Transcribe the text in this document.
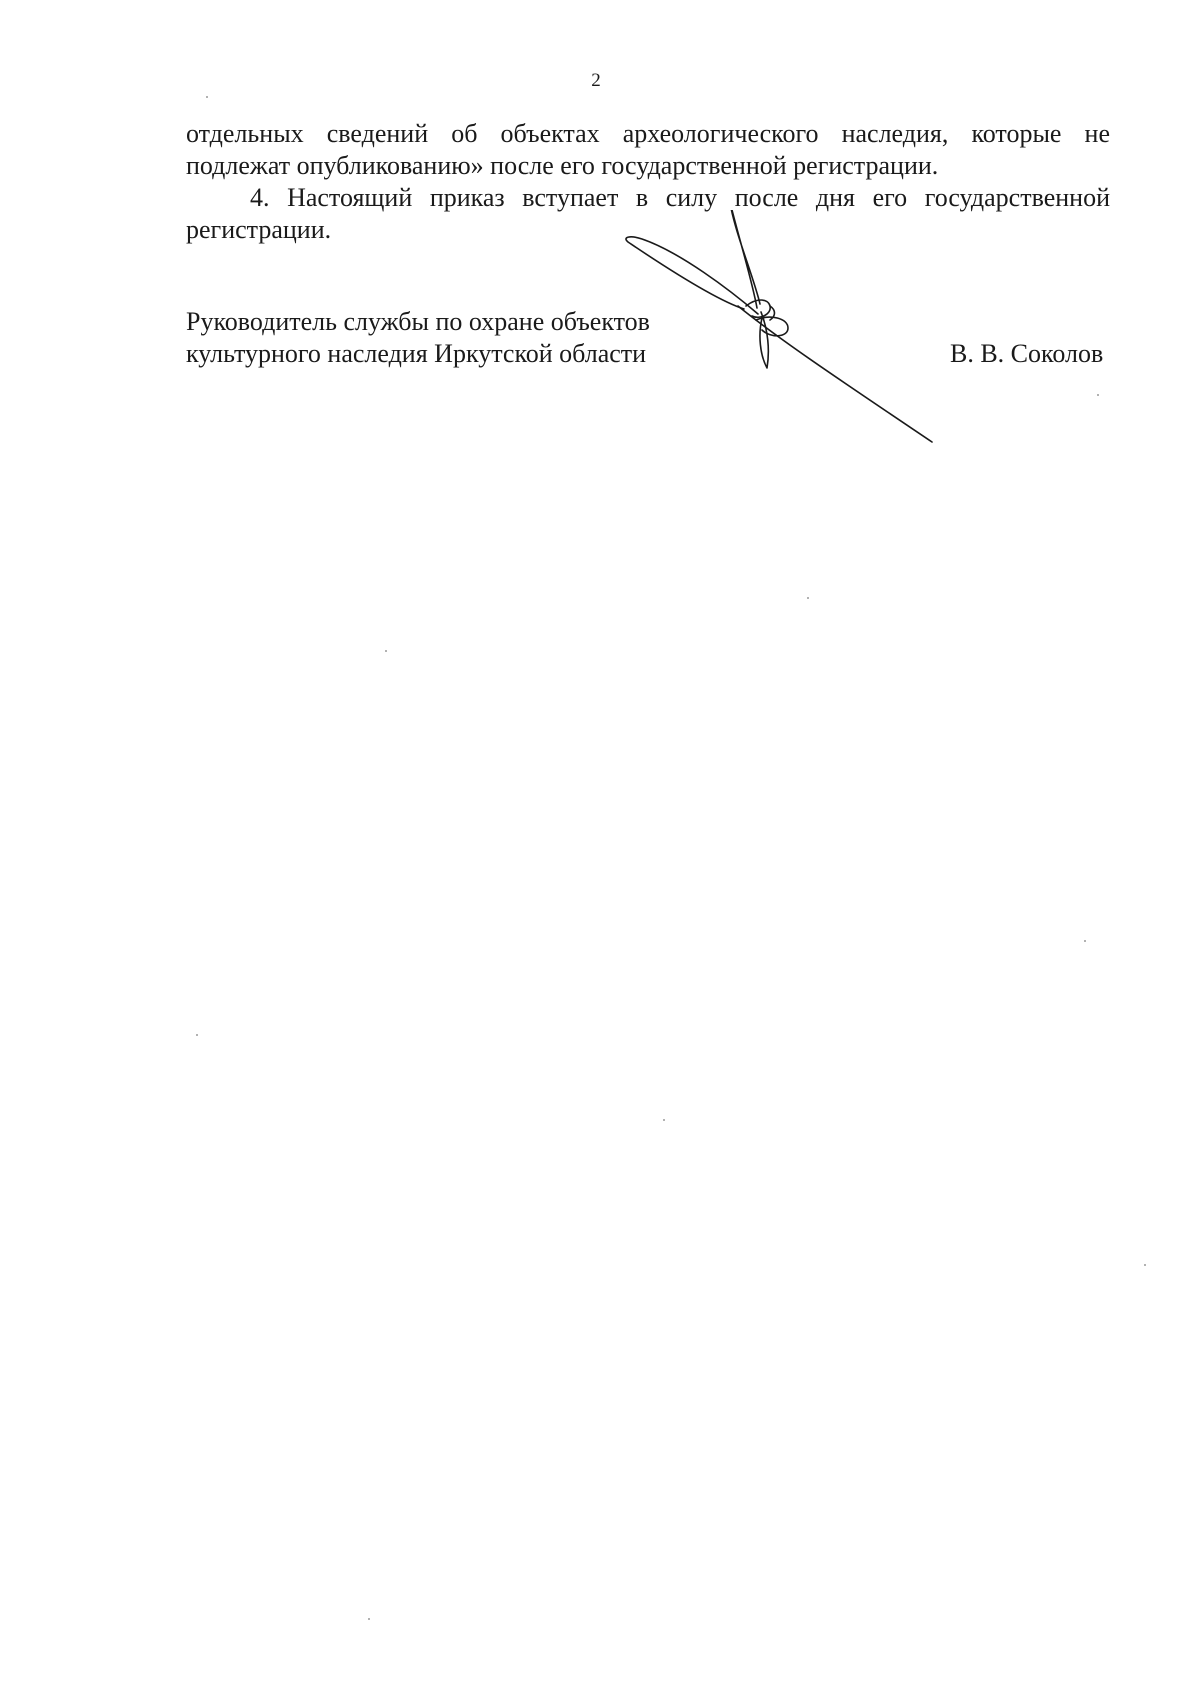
2
отдельных сведений об объектах археологического наследия, которые не
подлежат опубликованию» после его государственной регистрации.
4. Настоящий приказ вступает в силу после дня его государственной
регистрации.
Руководитель службы по охране объектов
культурного наследия Иркутской области	В. В. Соколов
